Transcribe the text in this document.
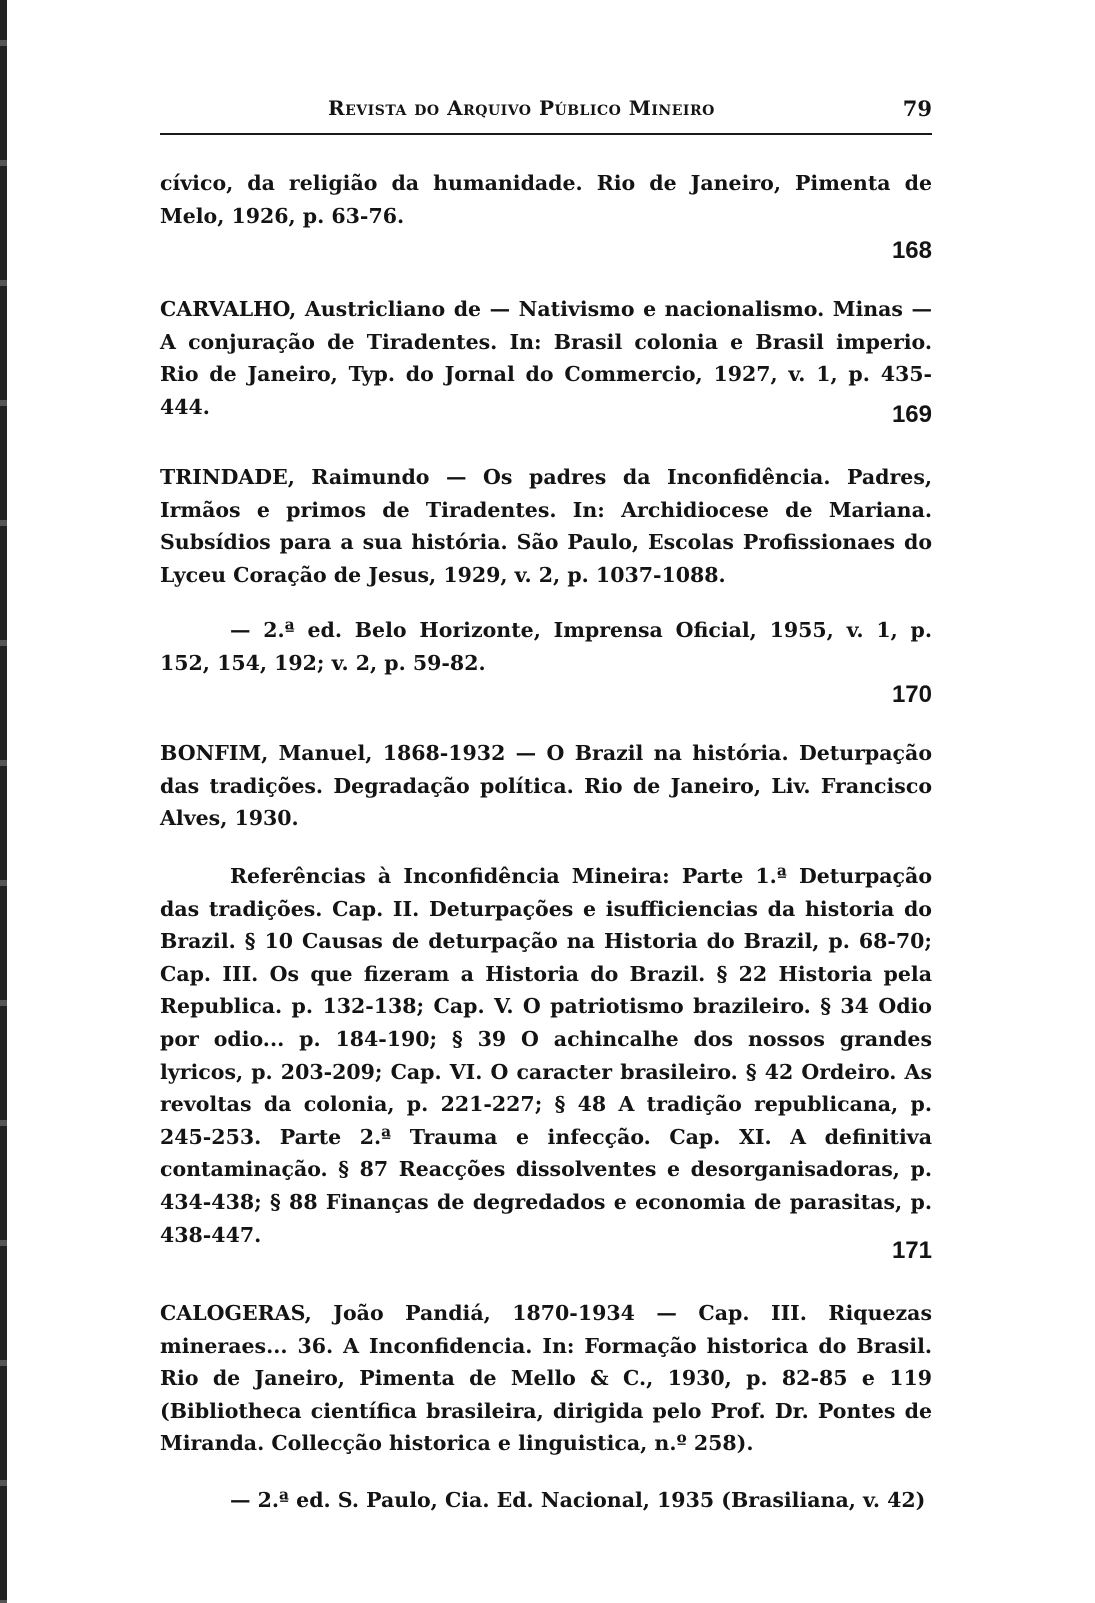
Revista do Arquivo Público Mineiro	79

cívico, da religião da humanidade. Rio de Janeiro, Pimenta de Melo, 1926, p. 63-76.

168

CARVALHO, Austricliano de — Nativismo e nacionalismo. Minas — A conjuração de Tiradentes. In: Brasil colonia e Brasil imperio. Rio de Janeiro, Typ. do Jornal do Commercio, 1927, v. 1, p. 435-444.	169

TRINDADE, Raimundo — Os padres da Inconfidência. Padres, Irmãos e primos de Tiradentes. In: Archidiocese de Mariana. Subsídios para a sua história. São Paulo, Escolas Profissionaes do Lyceu Coração de Jesus, 1929, v. 2, p. 1037-1088.

— 2.ª ed. Belo Horizonte, Imprensa Oficial, 1955, v. 1, p. 152, 154, 192; v. 2, p. 59-82.

170

BONFIM, Manuel, 1868-1932 — O Brazil na história. Deturpação das tradições. Degradação política. Rio de Janeiro, Liv. Francisco Alves, 1930.

Referências à Inconfidência Mineira: Parte 1.ª Deturpação das tradições. Cap. II. Deturpações e isufficiencias da historia do Brazil. § 10 Causas de deturpação na Historia do Brazil, p. 68-70; Cap. III. Os que fizeram a Historia do Brazil. § 22 Historia pela Republica. p. 132-138; Cap. V. O patriotismo brazileiro. § 34 Odio por odio... p. 184-190; § 39 O achincalhe dos nossos grandes lyricos, p. 203-209; Cap. VI. O caracter brasileiro. § 42 Ordeiro. As revoltas da colonia, p. 221-227; § 48 A tradição republicana, p. 245-253. Parte 2.ª Trauma e infecção. Cap. XI. A definitiva contaminação. § 87 Reacções dissolventes e desorganisadoras, p. 434-438; § 88 Finanças de degredados e economia de parasitas, p. 438-447.

171

CALOGERAS, João Pandiá, 1870-1934 — Cap. III. Riquezas mineraes... 36. A Inconfidencia. In: Formação historica do Brasil. Rio de Janeiro, Pimenta de Mello & C., 1930, p. 82-85 e 119 (Bibliotheca científica brasileira, dirigida pelo Prof. Dr. Pontes de Miranda. Collecção historica e linguistica, n.º 258).

— 2.ª ed. S. Paulo, Cia. Ed. Nacional, 1935 (Brasiliana, v. 42)
